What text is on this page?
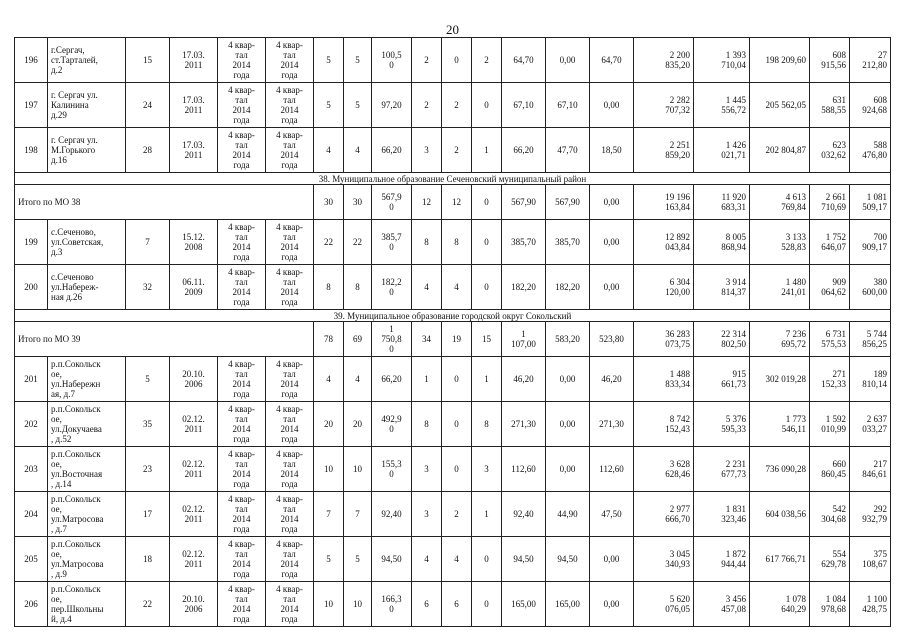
20
196	г.Сергач,
ст.Тарталей,
д.2	15	17.03.
2011	4 квар-
тал
2014
года	4 квар-
тал
2014
года	5	5	100,5
0	2	0	2	64,70	0,00	64,70	2 200
835,20	1 393
710,04	198 209,60	608
915,56	27
212,80
197	г. Сергач ул.
Калинина
д.29	24	17.03.
2011	4 квар-
тал
2014
года	4 квар-
тал
2014
года	5	5	97,20	2	2	0	67,10	67,10	0,00	2 282
707,32	1 445
556,72	205 562,05	631
588,55	608
924,68
198	г. Сергач ул.
М.Горького
д.16	28	17.03.
2011	4 квар-
тал
2014
года	4 квар-
тал
2014
года	4	4	66,20	3	2	1	66,20	47,70	18,50	2 251
859,20	1 426
021,71	202 804,87	623
032,62	588
476,80
38. Муниципальное образование Сеченовский муниципальный район																			
Итого по МО 38						30	30	567,9
0	12	12	0	567,90	567,90	0,00	19 196
163,84	11 920
683,31	4 613
769,84	2 661
710,69	1 081
509,17
199	с.Сеченово,
ул.Советская,
д.3	7	15.12.
2008	4 квар-
тал
2014
года	4 квар-
тал
2014
года	22	22	385,7
0	8	8	0	385,70	385,70	0,00	12 892
043,84	8 005
868,94	3 133
528,83	1 752
646,07	700
909,17
200	с.Сеченово
ул.Набереж-
ная д.26	32	06.11.
2009	4 квар-
тал
2014
года	4 квар-
тал
2014
года	8	8	182,2
0	4	4	0	182,20	182,20	0,00	6 304
120,00	3 914
814,37	1 480
241,01	909
064,62	380
600,00
39. Муниципальное образование городской округ Сокольский																			
Итого по МО 39						78	69	1
750,8
0	34	19	15	1
107,00	583,20	523,80	36 283
073,75	22 314
802,50	7 236
695,72	6 731
575,53	5 744
856,25
201	р.п.Сокольск
ое,
ул.Набережн
ая, д.7	5	20.10.
2006	4 квар-
тал
2014
года	4 квар-
тал
2014
года	4	4	66,20	1	0	1	46,20	0,00	46,20	1 488
833,34	915
661,73	302 019,28	271
152,33	189
810,14
202	р.п.Сокольск
ое,
ул.Докучаева
, д.52	35	02.12.
2011	4 квар-
тал
2014
года	4 квар-
тал
2014
года	20	20	492,9
0	8	0	8	271,30	0,00	271,30	8 742
152,43	5 376
595,33	1 773
546,11	1 592
010,99	2 637
033,27
203	р.п.Сокольск
ое,
ул.Восточная
, д.14	23	02.12.
2011	4 квар-
тал
2014
года	4 квар-
тал
2014
года	10	10	155,3
0	3	0	3	112,60	0,00	112,60	3 628
628,46	2 231
677,73	736 090,28	660
860,45	217
846,61
204	р.п.Сокольск
ое,
ул.Матросова
, д.7	17	02.12.
2011	4 квар-
тал
2014
года	4 квар-
тал
2014
года	7	7	92,40	3	2	1	92,40	44,90	47,50	2 977
666,70	1 831
323,46	604 038,56	542
304,68	292
932,79
205	р.п.Сокольск
ое,
ул.Матросова
, д.9	18	02.12.
2011	4 квар-
тал
2014
года	4 квар-
тал
2014
года	5	5	94,50	4	4	0	94,50	94,50	0,00	3 045
340,93	1 872
944,44	617 766,71	554
629,78	375
108,67
206	р.п.Сокольск
ое,
пер.Школьны
й, д.4	22	20.10.
2006	4 квар-
тал
2014
года	4 квар-
тал
2014
года	10	10	166,3
0	6	6	0	165,00	165,00	0,00	5 620
076,05	3 456
457,08	1 078
640,29	1 084
978,68	1 100
428,75
